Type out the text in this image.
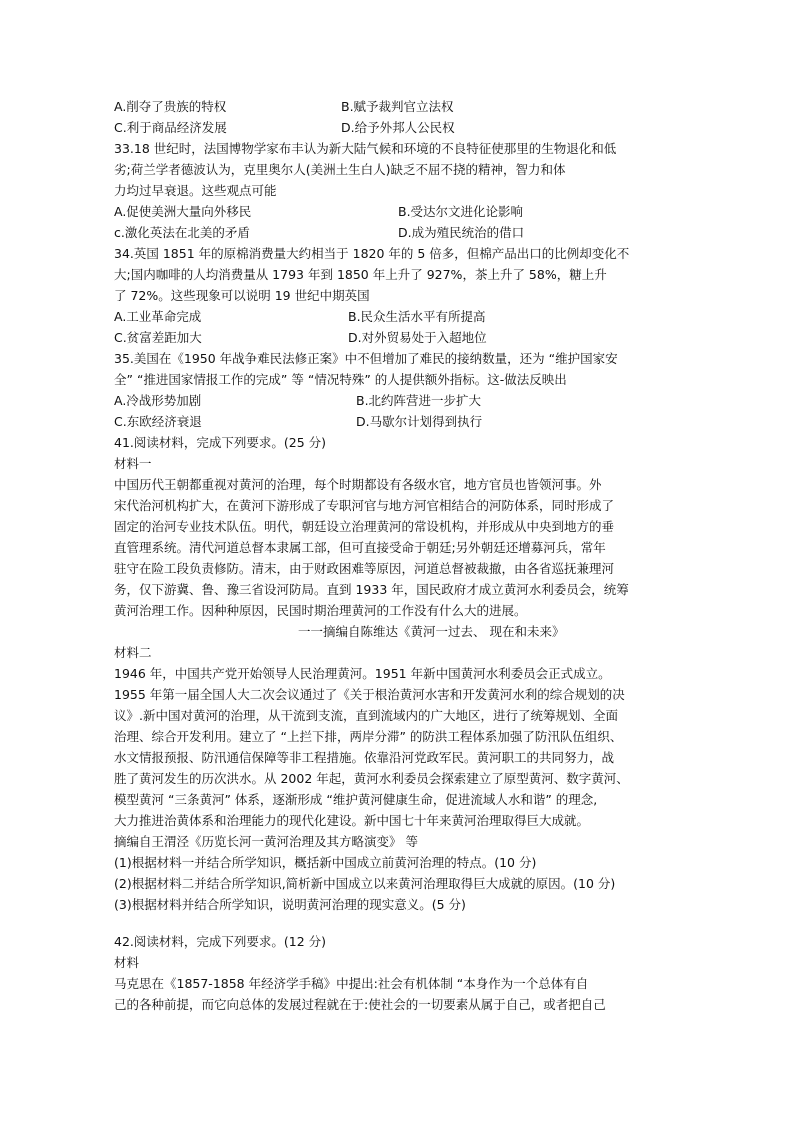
A.削夺了贵族的特权	B.赋予裁判官立法权
C.利于商品经济发展	D.给予外邦人公民权
33.18 世纪时，法国博物学家布丰认为新大陆气候和环境的不良特征使那里的生物退化和低
劣;荷兰学者德波认为，克里奥尔人(美洲土生白人)缺乏不屈不挠的精神，智力和体
力均过早衰退。这些观点可能
A.促使美洲大量向外移民	B.受达尔文进化论影响
c.激化英法在北美的矛盾	D.成为殖民统治的借口
34.英国 1851 年的原棉消费量大约相当于 1820 年的 5 倍多，但棉产品出口的比例却变化不
大;国内咖啡的人均消费量从 1793 年到 1850 年上升了 927%，茶上升了 58%，糖上升
了 72%。这些现象可以说明 19 世纪中期英国
A.工业革命完成	B.民众生活水平有所提高
C.贫富差距加大	D.对外贸易处于入超地位
35.美国在《1950 年战争难民法修正案》中不但增加了难民的接纳数量，还为 “维护国家安
全” “推进国家情报工作的完成” 等 “情况特殊” 的人提供额外指标。这-做法反映出
A.冷战形势加剧	B.北约阵营进一步扩大
C.东欧经济衰退	D.马歇尔计划得到执行
41.阅读材料，完成下列要求。(25 分)
材料一
中国历代王朝都重视对黄河的治理，每个时期都设有各级水官，地方官员也皆领河事。外
宋代治河机构扩大，在黄河下游形成了专职河官与地方河官相结合的河防体系，同时形成了
固定的治河专业技术队伍。明代，朝廷设立治理黄河的常设机构，并形成从中央到地方的垂
直管理系统。清代河道总督本隶属工部，但可直接受命于朝廷;另外朝廷还增募河兵，常年
驻守在险工段负责修防。清末，由于财政困难等原因，河道总督被裁撤，由各省巡抚兼理河
务，仅下游冀、鲁、豫三省设河防局。直到 1933 年，国民政府才成立黄河水利委员会，统筹
黄河治理工作。因种种原因，民国时期治理黄河的工作没有什么大的进展。
一一摘编自陈维达《黄河一过去、 现在和未来》
材料二
1946 年，中国共产党开始领导人民治理黄河。1951 年新中国黄河水利委员会正式成立。
1955 年第一届全国人大二次会议通过了《关于根治黄河水害和开发黄河水利的综合规划的决
议》.新中国对黄河的治理，从干流到支流，直到流域内的广大地区，进行了统筹规划、全面
治理、综合开发利用。建立了 “上拦下排，两岸分滞” 的防洪工程体系加强了防汛队伍组织、
水文情报预报、防汛通信保障等非工程措施。依靠沿河党政军民。黄河职工的共同努力，战
胜了黄河发生的历次洪水。从 2002 年起，黄河水利委员会探索建立了原型黄河、数字黄河、
模型黄河 “三条黄河” 体系，逐渐形成 “维护黄河健康生命，促进流域人水和谐” 的理念,
大力推进治黄体系和治理能力的现代化建设。新中国七十年来黄河治理取得巨大成就。
摘编自王渭泾《历览长河一黄河治理及其方略演变》 等
(1)根据材料一并结合所学知识，概括新中国成立前黄河治理的特点。(10 分)
(2)根据材料二并结合所学知识,简析新中国成立以来黄河治理取得巨大成就的原因。(10 分)
(3)根据材料并结合所学知识，说明黄河治理的现实意义。(5 分)
42.阅读材料，完成下列要求。(12 分)
材料
马克思在《1857-1858 年经济学手稿》中提出:社会有机体制 “本身作为一个总体有自
己的各种前提，而它向总体的发展过程就在于:使社会的一切要素从属于自己，或者把自己
